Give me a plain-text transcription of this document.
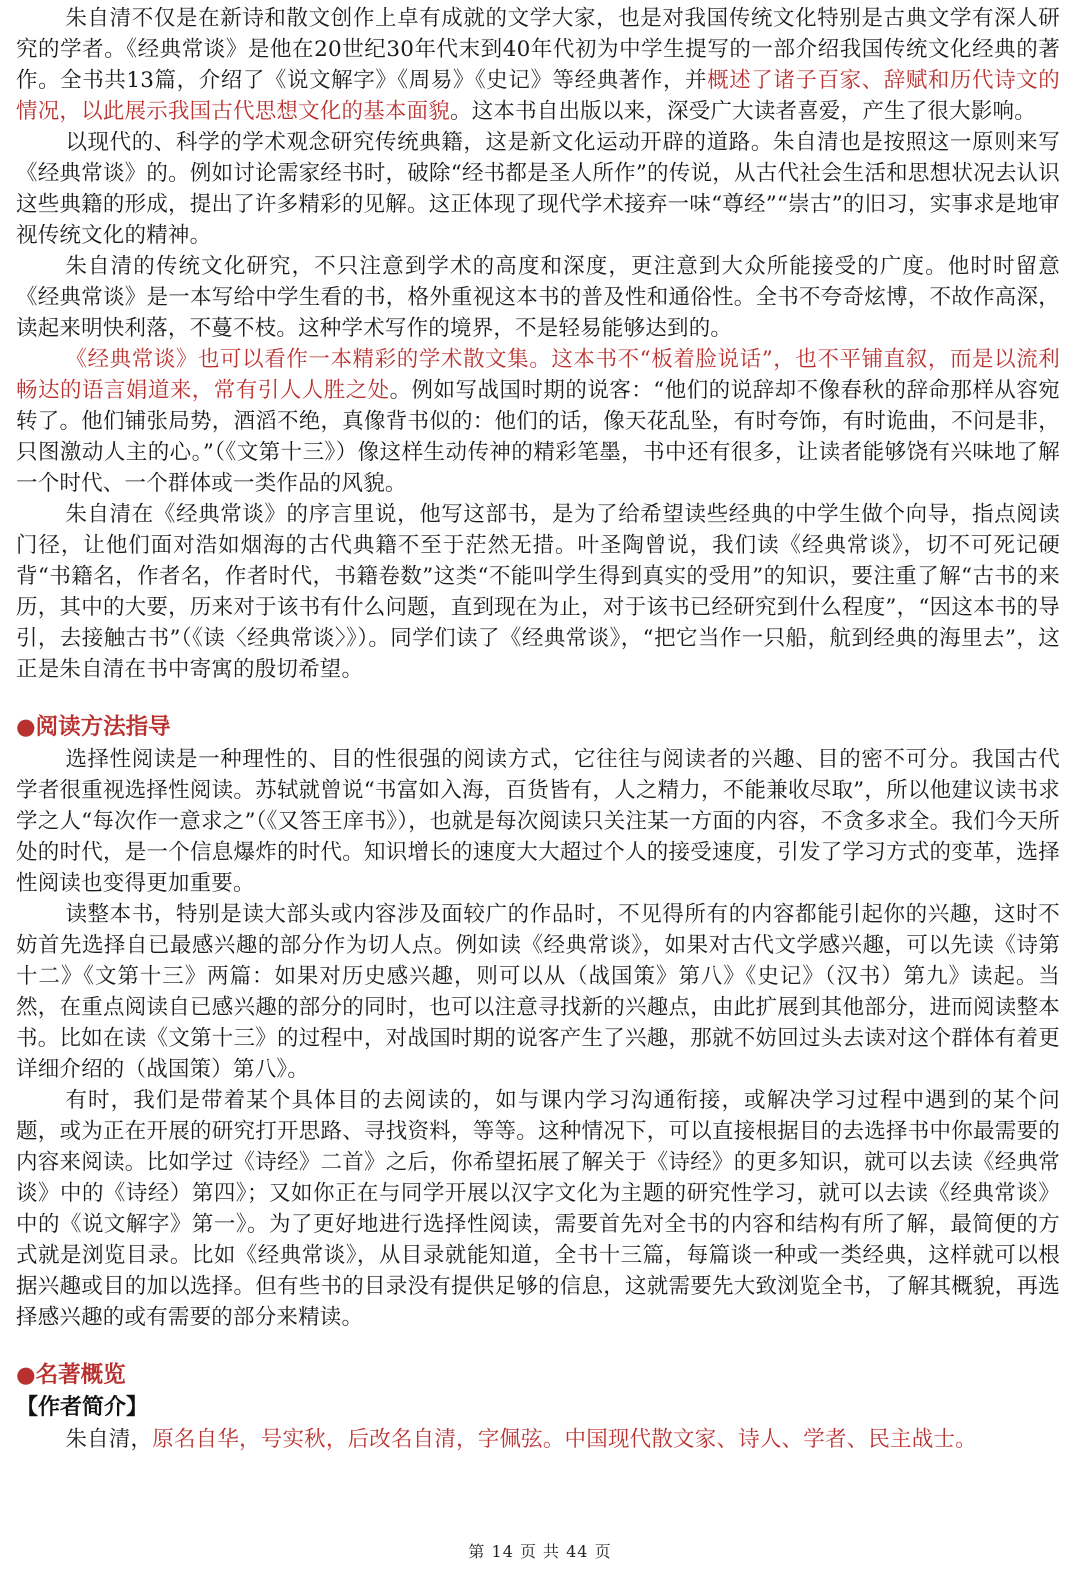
朱自清不仅是在新诗和散文创作上卓有成就的文学大家，也是对我国传统文化特别是古典文学有深人研究的学者。《经典常谈》是他在20世纪30年代末到40年代初为中学生提写的一部介绍我国传统文化经典的著作。全书共13篇，介绍了《说文解字》《周易》《史记》等经典著作，并概述了诸子百家、辞赋和历代诗文的情况，以此展示我国古代思想文化的基本面貌。这本书自出版以来，深受广大读者喜爱，产生了很大影响。

以现代的、科学的学术观念研究传统典籍，这是新文化运动开辟的道路。朱自清也是按照这一原则来写《经典常谈》的。例如讨论需家经书时，破除“经书都是圣人所作”的传说，从古代社会生活和思想状况去认识这些典籍的形成，提出了许多精彩的见解。这正体现了现代学术接弃一味“尊经”“崇古”的旧习，实事求是地审视传统文化的精神。

朱自清的传统文化研究，不只注意到学术的高度和深度，更注意到大众所能接受的广度。他时时留意《经典常谈》是一本写给中学生看的书，格外重视这本书的普及性和通俗性。全书不夸奇炫博，不故作高深，读起来明快利落，不蔓不枝。这种学术写作的境界，不是轻易能够达到的。

《经典常谈》也可以看作一本精彩的学术散文集。这本书不“板着脸说话”，也不平铺直叙，而是以流利畅达的语言娟道来，常有引人人胜之处。例如写战国时期的说客：“他们的说辞却不像春秋的辞命那样从容宛转了。他们铺张局势，酒滔不绝，真像背书似的：他们的话，像天花乱坠，有时夸饰，有时诡曲，不问是非，只图激动人主的心。”（《文第十三》）像这样生动传神的精彩笔墨，书中还有很多，让读者能够饶有兴味地了解一个时代、一个群体或一类作品的风貌。

朱自清在《经典常谈》的序言里说，他写这部书，是为了给希望读些经典的中学生做个向导，指点阅读门径，让他们面对浩如烟海的古代典籍不至于茫然无措。叶圣陶曾说，我们读《经典常谈》，切不可死记硬背“书籍名，作者名，作者时代，书籍卷数”这类“不能叫学生得到真实的受用”的知识，要注重了解“古书的来历，其中的大要，历来对于该书有什么问题，直到现在为止，对于该书已经研究到什么程度”，“因这本书的导引，去接触古书”（《读〈经典常谈〉》）。同学们读了《经典常谈》，“把它当作一只船，航到经典的海里去”，这正是朱自清在书中寄寓的殷切希望。

●阅读方法指导

选择性阅读是一种理性的、目的性很强的阅读方式，它往往与阅读者的兴趣、目的密不可分。我国古代学者很重视选择性阅读。苏轼就曾说“书富如入海，百货皆有，人之精力，不能兼收尽取”，所以他建议读书求学之人“每次作一意求之”（《又答王庠书》），也就是每次阅读只关注某一方面的内容，不贪多求全。我们今天所处的时代，是一个信息爆炸的时代。知识增长的速度大大超过个人的接受速度，引发了学习方式的变革，选择性阅读也变得更加重要。

读整本书，特别是读大部头或内容涉及面较广的作品时，不见得所有的内容都能引起你的兴趣，这时不妨首先选择自已最感兴趣的部分作为切人点。例如读《经典常谈》，如果对古代文学感兴趣，可以先读《诗第十二》《文第十三》两篇：如果对历史感兴趣，则可以从（战国策》第八》《史记》（汉书）第九》读起。当然，在重点阅读自已感兴趣的部分的同时，也可以注意寻找新的兴趣点，由此扩展到其他部分，进而阅读整本书。比如在读《文第十三》的过程中，对战国时期的说客产生了兴趣，那就不妨回过头去读对这个群体有着更详细介绍的（战国策）第八》。

有时，我们是带着某个具体目的去阅读的，如与课内学习沟通衔接，或解决学习过程中遇到的某个问题，或为正在开展的研究打开思路、寻找资料，等等。这种情况下，可以直接根据目的去选择书中你最需要的内容来阅读。比如学过《诗经》二首》之后，你希望拓展了解关于《诗经》的更多知识，就可以去读《经典常谈》中的《诗经）第四》；又如你正在与同学开展以汉字文化为主题的研究性学习，就可以去读《经典常谈》中的《说文解字》第一》。为了更好地进行选择性阅读，需要首先对全书的内容和结构有所了解，最简便的方式就是浏览目录。比如《经典常谈》，从目录就能知道，全书十三篇，每篇谈一种或一类经典，这样就可以根据兴趣或目的加以选择。但有些书的目录没有提供足够的信息，这就需要先大致浏览全书，了解其概貌，再选择感兴趣的或有需要的部分来精读。

●名著概览

【作者简介】

朱自清，原名自华，号实秋，后改名自清，字佩弦。中国现代散文家、诗人、学者、民主战士。

第 14 页 共 44 页
